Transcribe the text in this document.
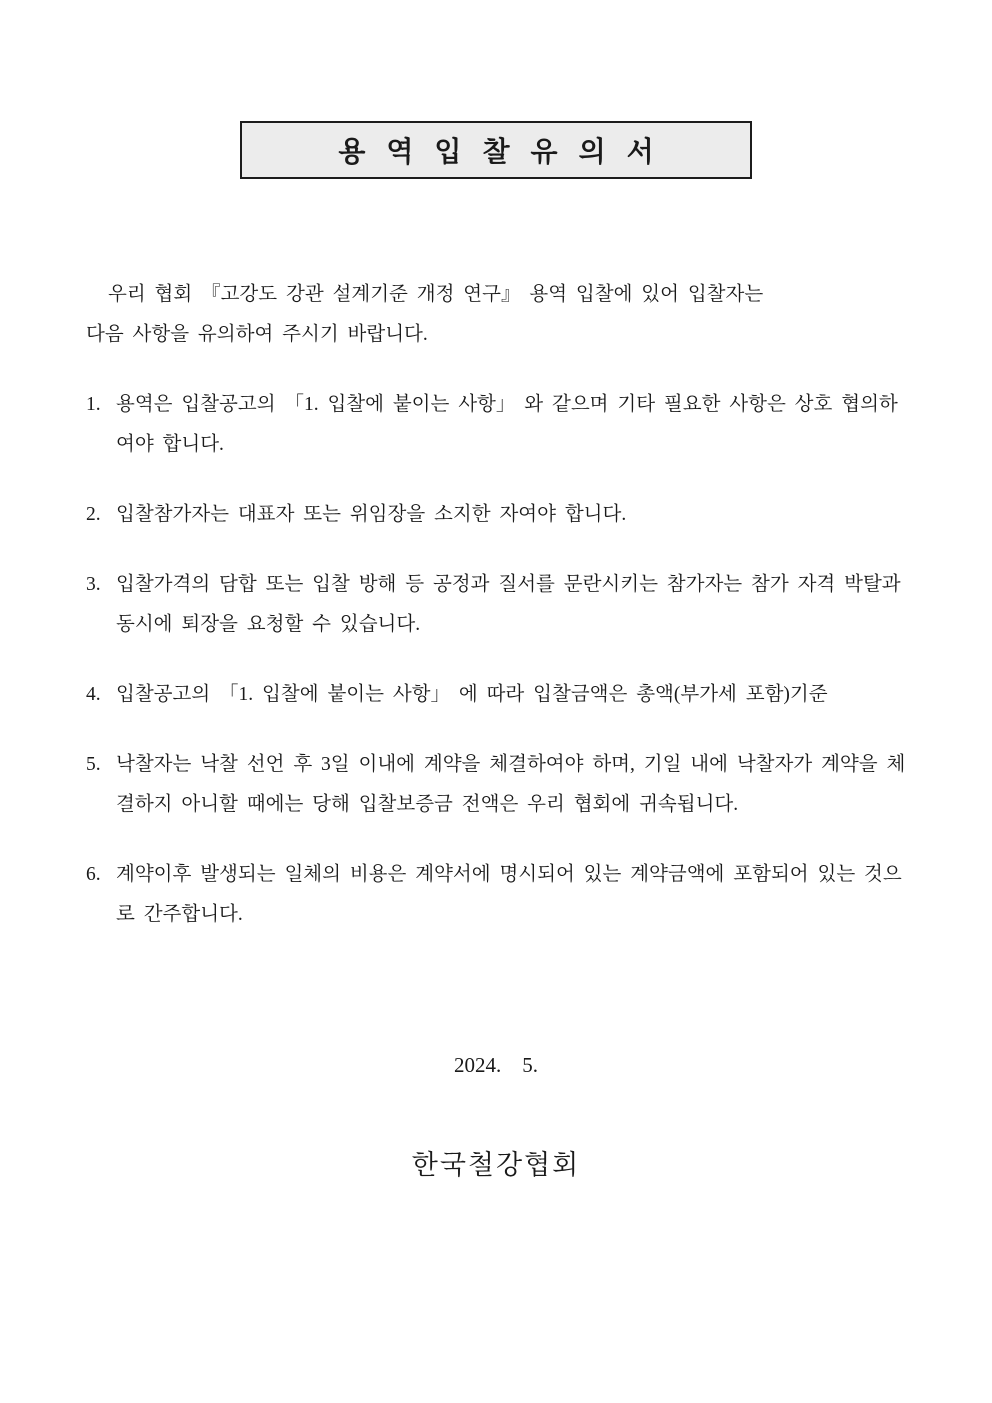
용 역 입 찰 유 의 서
우리 협회 『고강도 강관 설계기준 개정 연구』 용역 입찰에 있어 입찰자는
다음 사항을 유의하여 주시기 바랍니다.
1. 용역은 입찰공고의 「1. 입찰에 붙이는 사항」 와 같으며 기타 필요한 사항은 상호 협의하여야 합니다.
2. 입찰참가자는 대표자 또는 위임장을 소지한 자여야 합니다.
3. 입찰가격의 담합 또는 입찰 방해 등 공정과 질서를 문란시키는 참가자는 참가 자격 박탈과 동시에 퇴장을 요청할 수 있습니다.
4. 입찰공고의 「1. 입찰에 붙이는 사항」 에 따라 입찰금액은 총액(부가세 포함)기준
5. 낙찰자는 낙찰 선언 후 3일 이내에 계약을 체결하여야 하며, 기일 내에 낙찰자가 계약을 체결하지 아니할 때에는 당해 입찰보증금 전액은 우리 협회에 귀속됩니다.
6. 계약이후 발생되는 일체의 비용은 계약서에 명시되어 있는 계약금액에 포함되어 있는 것으로 간주합니다.
2024.    5.
한국철강협회
